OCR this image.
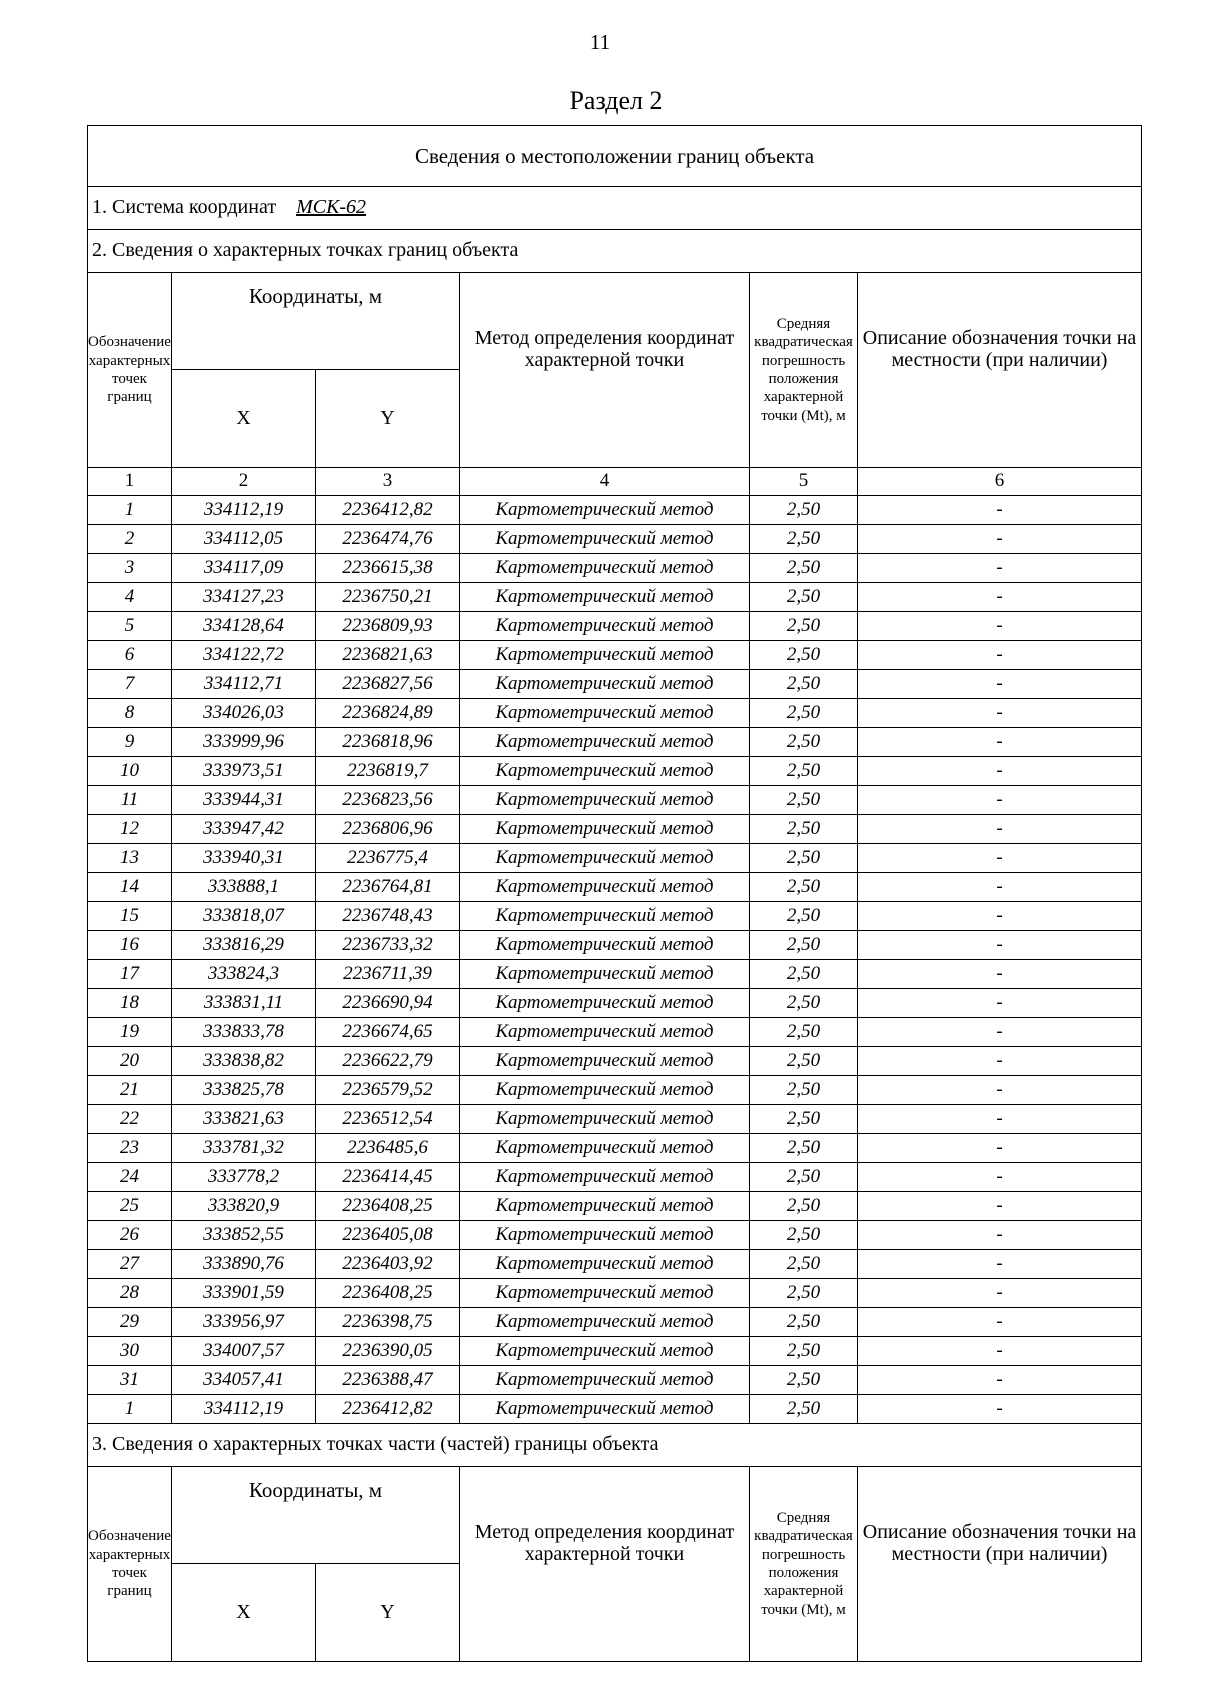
11
Раздел 2
Сведения о местоположении границ объекта					
1. Система координат МСК-62					
2. Сведения о характерных точках границ объекта					
Обозначение характерных точек границ	Координаты, м		Метод определения координат характерной точки	Средняя квадратическая погрешность положения характерной точки (Mt), м	Описание обозначения точки на местности (при наличии)
	X	Y			
1	2	3	4	5	6
1	334112,19	2236412,82	Картометрический метод	2,50	-
2	334112,05	2236474,76	Картометрический метод	2,50	-
3	334117,09	2236615,38	Картометрический метод	2,50	-
4	334127,23	2236750,21	Картометрический метод	2,50	-
5	334128,64	2236809,93	Картометрический метод	2,50	-
6	334122,72	2236821,63	Картометрический метод	2,50	-
7	334112,71	2236827,56	Картометрический метод	2,50	-
8	334026,03	2236824,89	Картометрический метод	2,50	-
9	333999,96	2236818,96	Картометрический метод	2,50	-
10	333973,51	2236819,7	Картометрический метод	2,50	-
11	333944,31	2236823,56	Картометрический метод	2,50	-
12	333947,42	2236806,96	Картометрический метод	2,50	-
13	333940,31	2236775,4	Картометрический метод	2,50	-
14	333888,1	2236764,81	Картометрический метод	2,50	-
15	333818,07	2236748,43	Картометрический метод	2,50	-
16	333816,29	2236733,32	Картометрический метод	2,50	-
17	333824,3	2236711,39	Картометрический метод	2,50	-
18	333831,11	2236690,94	Картометрический метод	2,50	-
19	333833,78	2236674,65	Картометрический метод	2,50	-
20	333838,82	2236622,79	Картометрический метод	2,50	-
21	333825,78	2236579,52	Картометрический метод	2,50	-
22	333821,63	2236512,54	Картометрический метод	2,50	-
23	333781,32	2236485,6	Картометрический метод	2,50	-
24	333778,2	2236414,45	Картометрический метод	2,50	-
25	333820,9	2236408,25	Картометрический метод	2,50	-
26	333852,55	2236405,08	Картометрический метод	2,50	-
27	333890,76	2236403,92	Картометрический метод	2,50	-
28	333901,59	2236408,25	Картометрический метод	2,50	-
29	333956,97	2236398,75	Картометрический метод	2,50	-
30	334007,57	2236390,05	Картометрический метод	2,50	-
31	334057,41	2236388,47	Картометрический метод	2,50	-
1	334112,19	2236412,82	Картометрический метод	2,50	-
3. Сведения о характерных точках части (частей) границы объекта					
Обозначение характерных точек границ	Координаты, м		Метод определения координат характерной точки	Средняя квадратическая погрешность положения характерной точки (Mt), м	Описание обозначения точки на местности (при наличии)
	X	Y			
